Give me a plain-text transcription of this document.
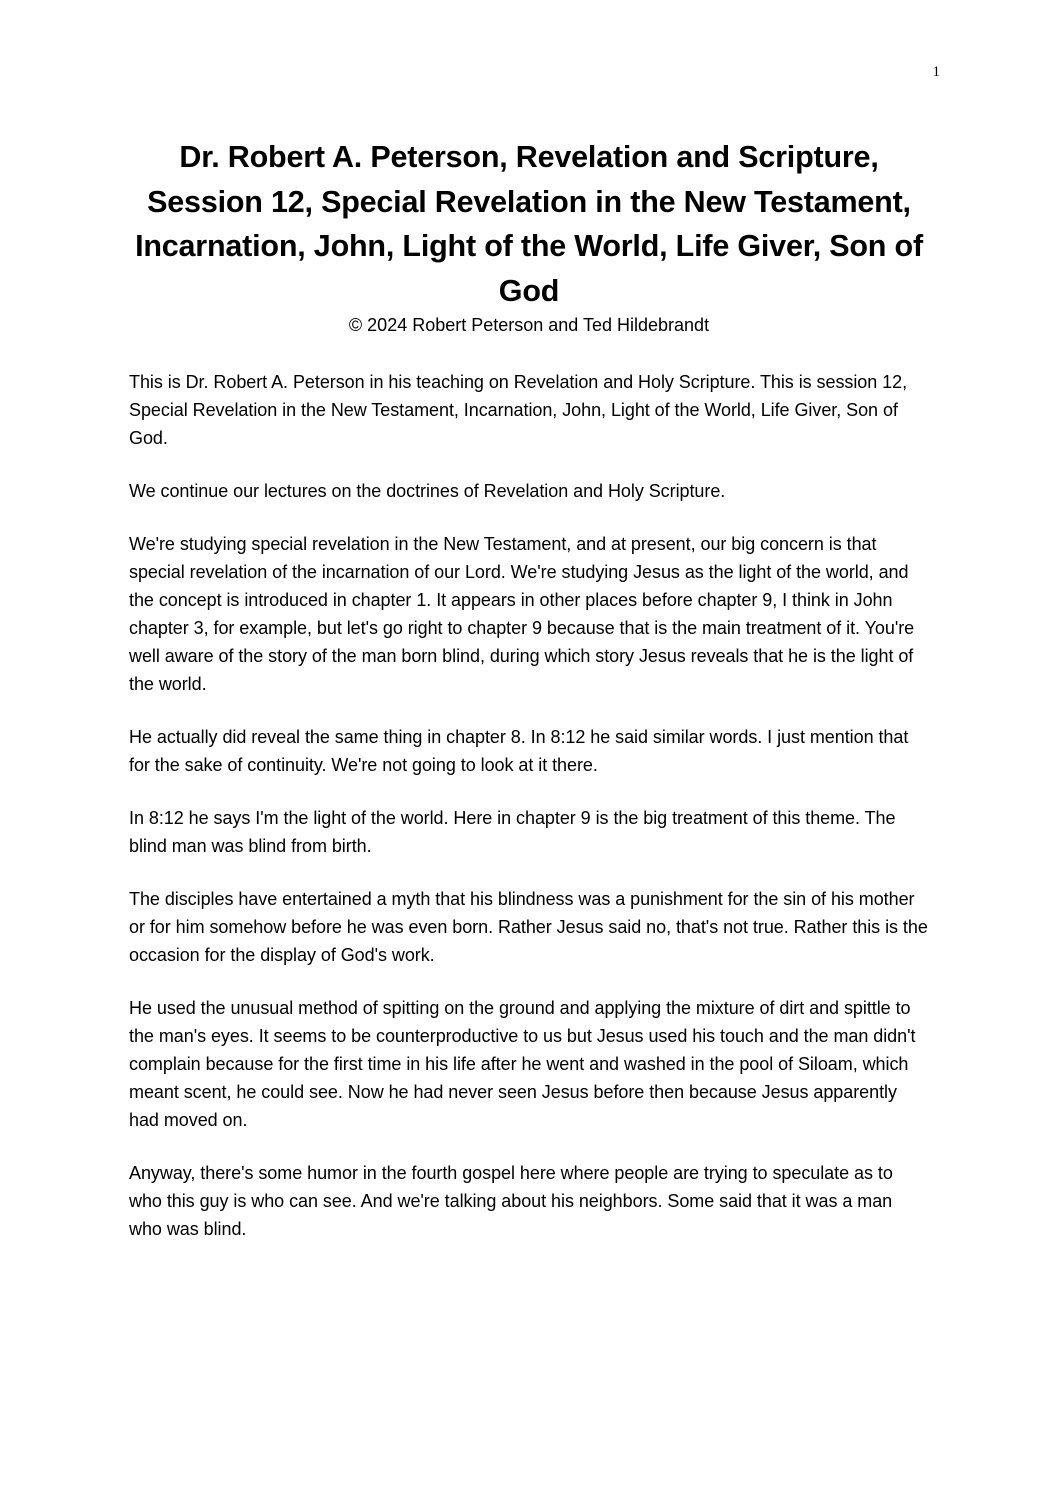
1
Dr. Robert A. Peterson, Revelation and Scripture, Session 12, Special Revelation in the New Testament, Incarnation, John, Light of the World, Life Giver, Son of God
© 2024 Robert Peterson and Ted Hildebrandt

This is Dr. Robert A. Peterson in his teaching on Revelation and Holy Scripture. This is session 12, Special Revelation in the New Testament, Incarnation, John, Light of the World, Life Giver, Son of God.

We continue our lectures on the doctrines of Revelation and Holy Scripture.

We're studying special revelation in the New Testament, and at present, our big concern is that special revelation of the incarnation of our Lord. We're studying Jesus as the light of the world, and the concept is introduced in chapter 1. It appears in other places before chapter 9, I think in John chapter 3, for example, but let's go right to chapter 9 because that is the main treatment of it. You're well aware of the story of the man born blind, during which story Jesus reveals that he is the light of the world.

He actually did reveal the same thing in chapter 8. In 8:12 he said similar words. I just mention that for the sake of continuity. We're not going to look at it there.

In 8:12 he says I'm the light of the world. Here in chapter 9 is the big treatment of this theme. The blind man was blind from birth.

The disciples have entertained a myth that his blindness was a punishment for the sin of his mother or for him somehow before he was even born. Rather Jesus said no, that's not true. Rather this is the occasion for the display of God's work.

He used the unusual method of spitting on the ground and applying the mixture of dirt and spittle to the man's eyes. It seems to be counterproductive to us but Jesus used his touch and the man didn't complain because for the first time in his life after he went and washed in the pool of Siloam, which meant scent, he could see. Now he had never seen Jesus before then because Jesus apparently had moved on.

Anyway, there's some humor in the fourth gospel here where people are trying to speculate as to who this guy is who can see. And we're talking about his neighbors. Some said that it was a man who was blind.
